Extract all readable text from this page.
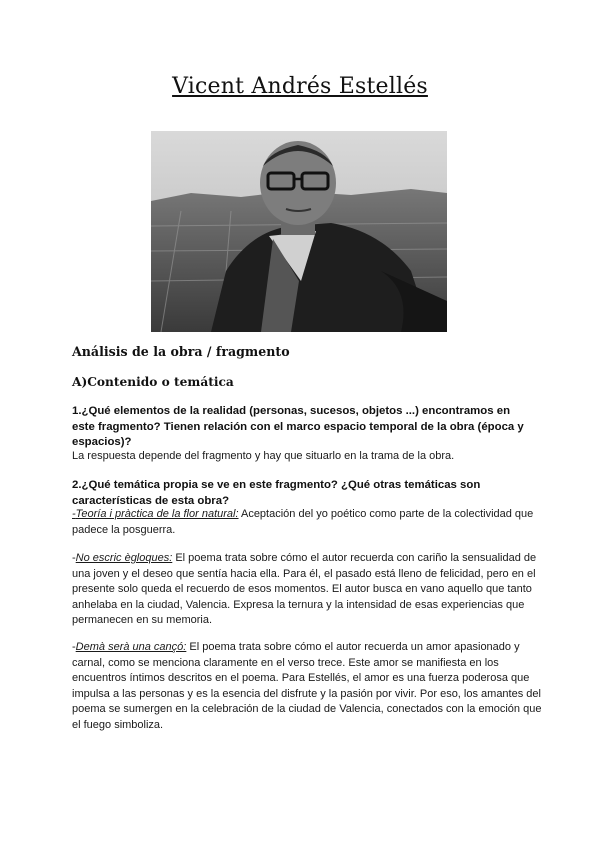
Vicent Andrés Estellés
Análisis de la obra / fragmento
A)Contenido o temática
1.¿Qué elementos de la realidad (personas, sucesos, objetos ...) encontramos en este fragmento? Tienen relación con el marco espacio temporal de la obra (época y espacios)?
La respuesta depende del fragmento y hay que situarlo en la trama de la obra.
2.¿Qué temática propia se ve en este fragmento? ¿Qué otras temáticas son características de esta obra?
-Teoría i pràctica de la flor natural: Aceptación del yo poético como parte de la colectividad que padece la posguerra.
-No escric ègloques: El poema trata sobre cómo el autor recuerda con cariño la sensualidad de una joven y el deseo que sentía hacia ella. Para él, el pasado está lleno de felicidad, pero en el presente solo queda el recuerdo de esos momentos. El autor busca en vano aquello que tanto anhelaba en la ciudad, Valencia. Expresa la ternura y la intensidad de esas experiencias que permanecen en su memoria.
-Demà serà una cançó: El poema trata sobre cómo el autor recuerda un amor apasionado y carnal, como se menciona claramente en el verso trece. Este amor se manifiesta en los encuentros íntimos descritos en el poema. Para Estellés, el amor es una fuerza poderosa que impulsa a las personas y es la esencia del disfrute y la pasión por vivir. Por eso, los amantes del poema se sumergen en la celebración de la ciudad de Valencia, conectados con la emoción que el fuego simboliza.
